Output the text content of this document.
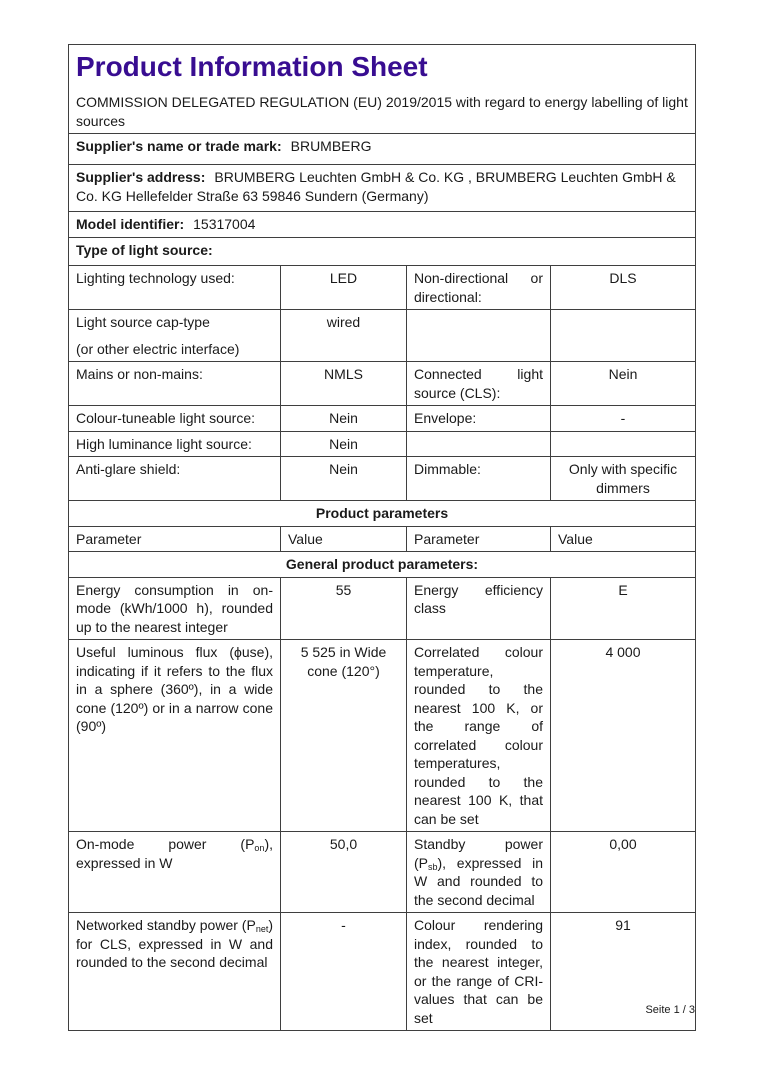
Product Information Sheet

COMMISSION DELEGATED REGULATION (EU) 2019/2015 with regard to energy labelling of light sources			

Supplier's name or trade mark: BRUMBERG			
Supplier's address: BRUMBERG Leuchten GmbH & Co. KG , BRUMBERG Leuchten GmbH & Co. KG Hellefelder Straße 63 59846 Sundern (Germany)			
Model identifier: 15317004			
Type of light source:			
Lighting technology used:	LED	Non-directional or directional:	DLS

Light source cap-type
(or other electric interface)	wired		
Mains or non-mains:	NMLS	Connected light source (CLS):	Nein
Colour-tuneable light source:	Nein	Envelope:	-
High luminance light source:	Nein		
Anti-glare shield:	Nein	Dimmable:	Only with specific dimmers
Product parameters			
Parameter	Value	Parameter	Value
General product parameters:			
Energy consumption in on-mode (kWh/1000 h), rounded up to the nearest integer	55	Energy efficiency class	E
Useful luminous flux (ϕuse), indicating if it refers to the flux in a sphere (360º), in a wide cone (120º) or in a narrow cone (90º)	5 525 in Wide cone (120°)	Correlated colour temperature, rounded to the nearest 100 K, or the range of correlated colour temperatures, rounded to the nearest 100 K, that can be set	4 000
On-mode power $(P_{on})$, expressed in W	50,0	Standby power $(P_{sb})$, expressed in W and rounded to the second decimal	0,00
Networked standby power $(P_{net})$ for CLS, expressed in W and rounded to the second decimal	-	Colour rendering index, rounded to the nearest integer, or the range of CRI-values that can be set	91
Seite 1 / 3
